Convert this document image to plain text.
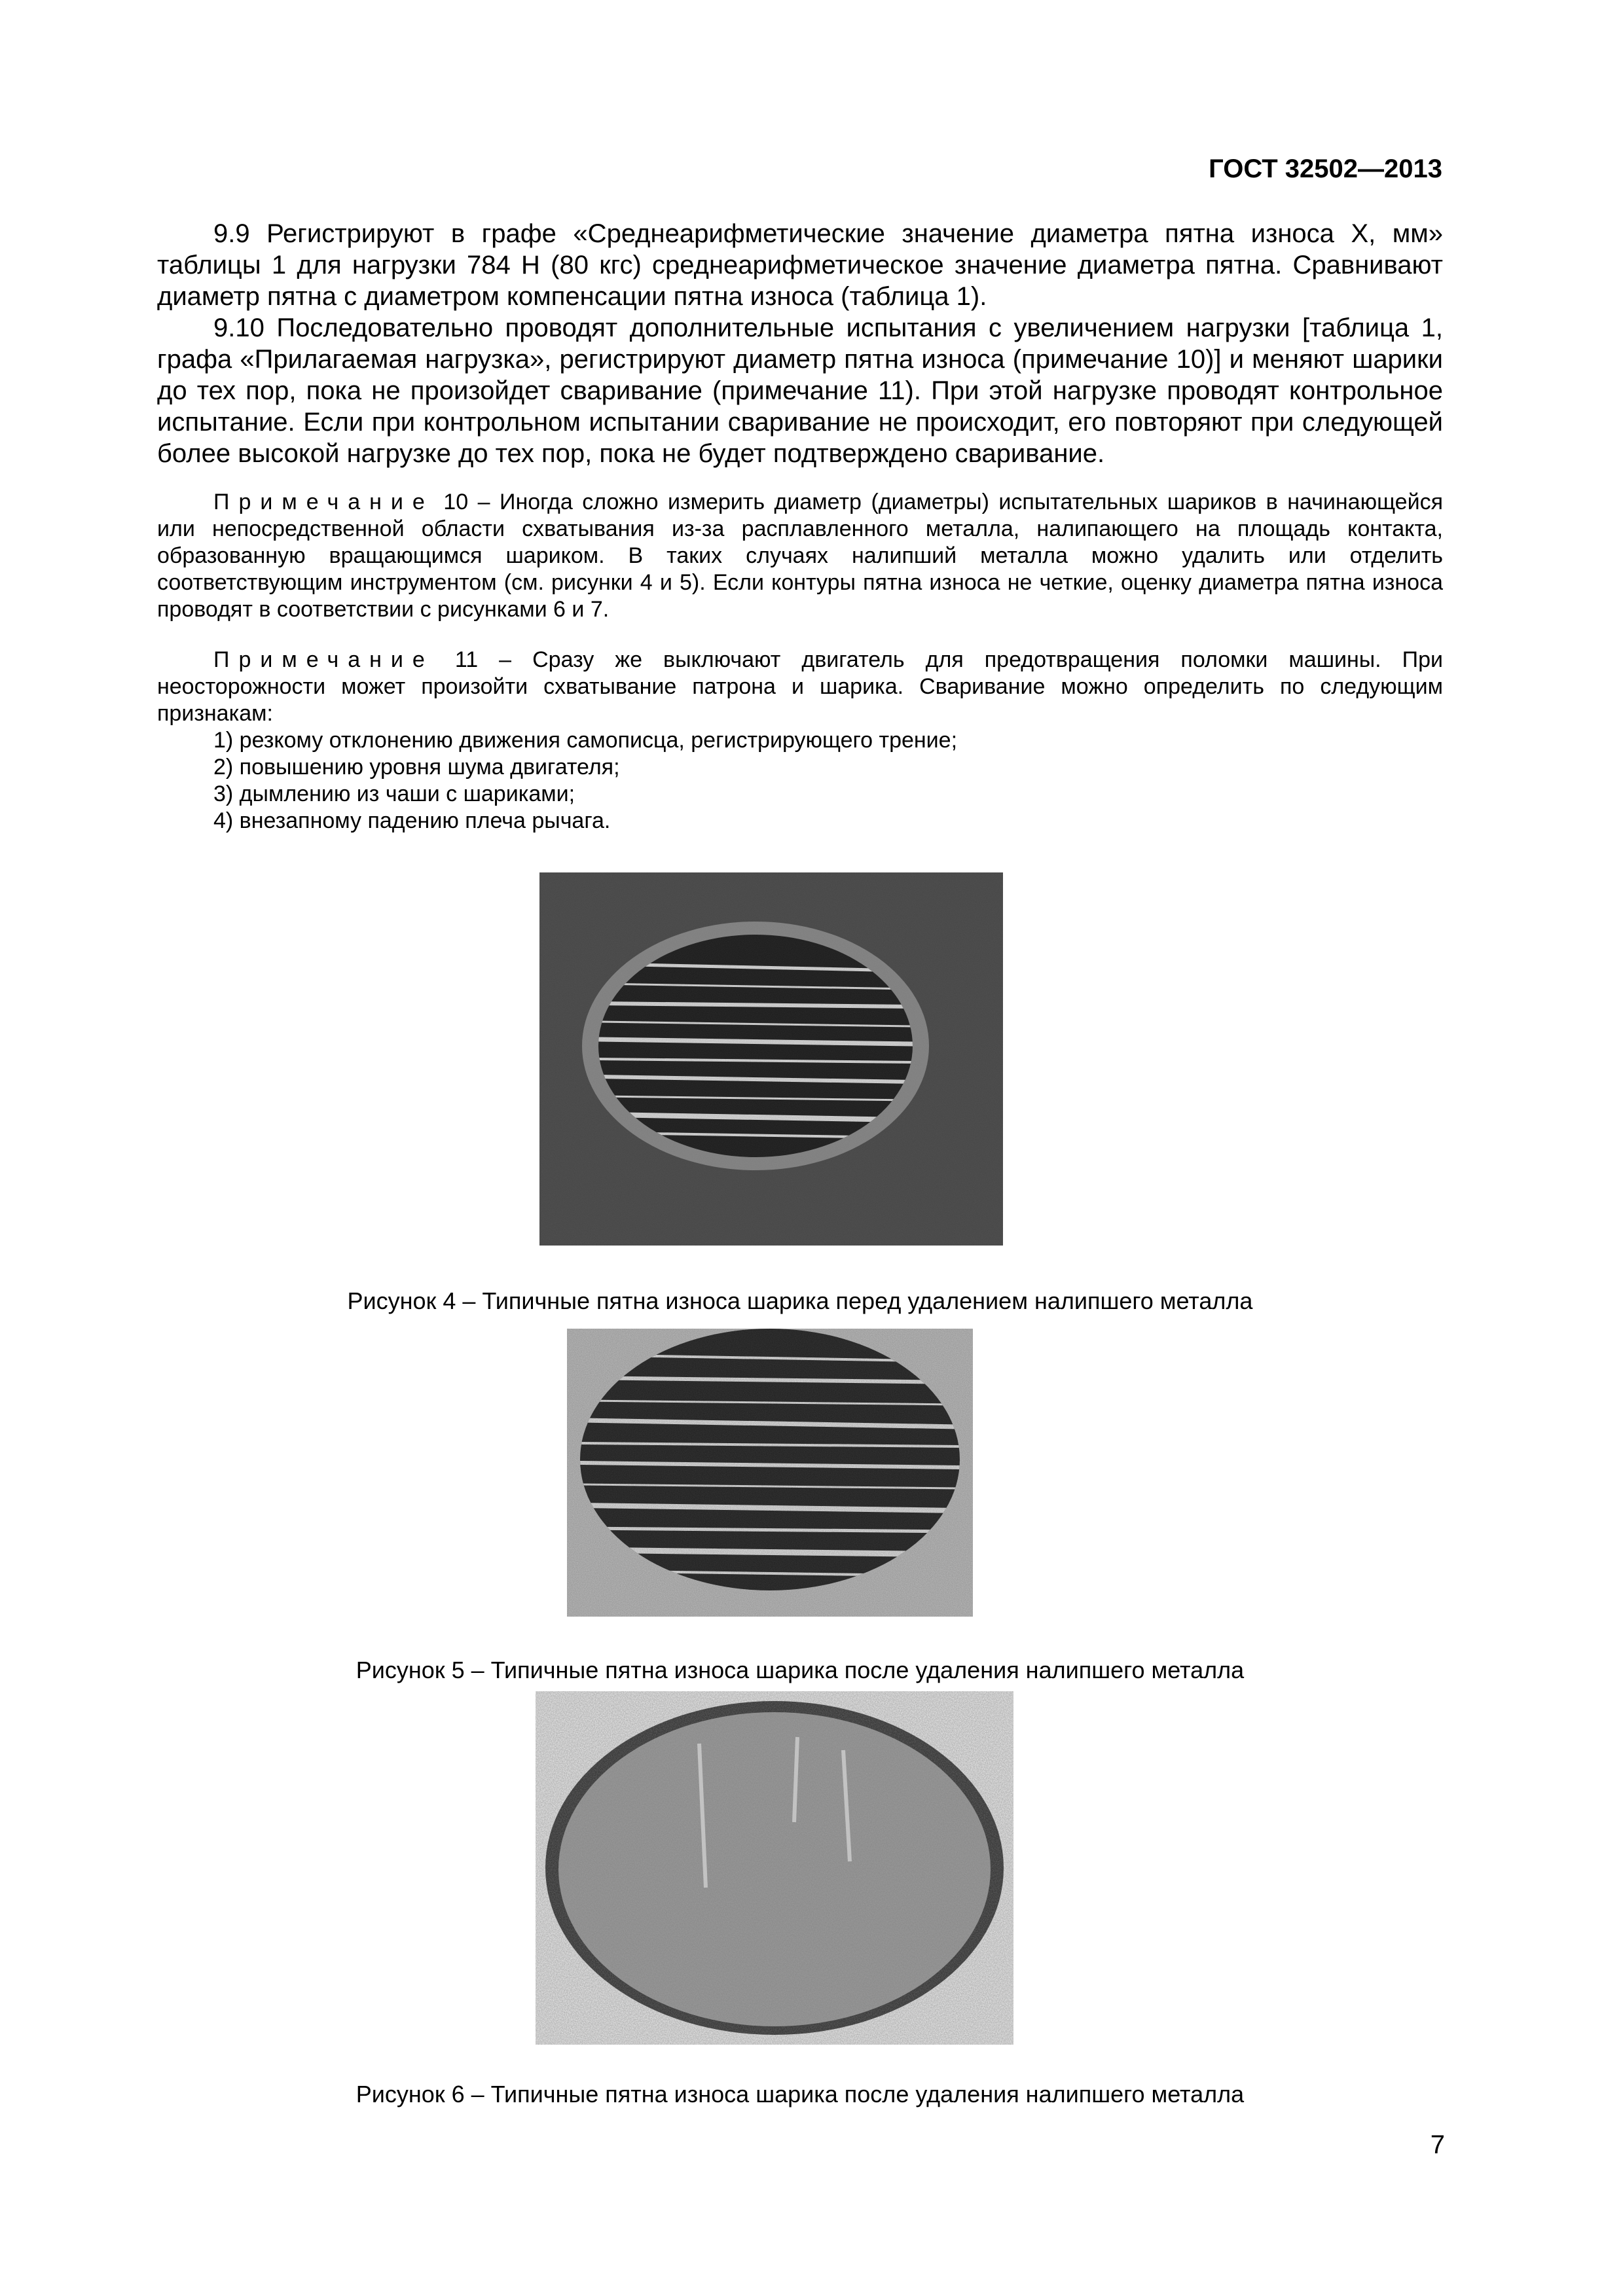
ГОСТ 32502—2013

9.9 Регистрируют в графе «Среднеарифметические значение диаметра пятна износа X, мм» таблицы 1 для нагрузки 784 Н (80 кгс) среднеарифметическое значение диаметра пятна. Сравнивают диаметр пятна с диаметром компенсации пятна износа (таблица 1).

9.10 Последовательно проводят дополнительные испытания с увеличением нагрузки [таблица 1, графа «Прилагаемая нагрузка», регистрируют диаметр пятна износа (примечание 10)] и меняют шарики до тех пор, пока не произойдет сваривание (примечание 11). При этой нагрузке проводят контрольное испытание. Если при контрольном испытании сваривание не происходит, его повторяют при следующей более высокой нагрузке до тех пор, пока не будет подтверждено сваривание.

Примечание 10 – Иногда сложно измерить диаметр (диаметры) испытательных шариков в начинающейся или непосредственной области схватывания из-за расплавленного металла, налипающего на площадь контакта, образованную вращающимся шариком. В таких случаях налипший металла можно удалить или отделить соответствующим инструментом (см. рисунки 4 и 5). Если контуры пятна износа не четкие, оценку диаметра пятна износа проводят в соответствии с рисунками 6 и 7.

Примечание 11 – Сразу же выключают двигатель для предотвращения поломки машины. При неосторожности может произойти схватывание патрона и шарика. Сваривание можно определить по следующим признакам:

1) резкому отклонению движения самописца, регистрирующего трение;
2) повышению уровня шума двигателя;
3) дымлению из чаши с шариками;
4) внезапному падению плеча рычага.
Рисунок 4 – Типичные пятна износа шарика перед удалением налипшего металла
Рисунок 5 – Типичные пятна износа шарика после удаления налипшего металла
Рисунок 6 – Типичные пятна износа шарика после удаления налипшего металла
7
